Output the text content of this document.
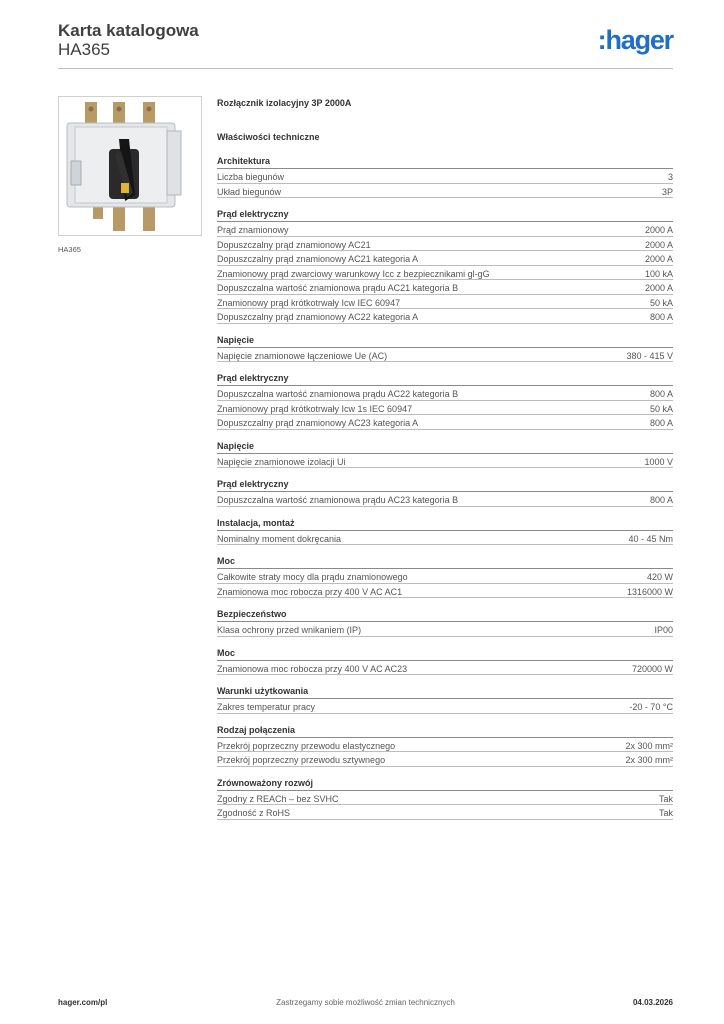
Karta katalogowa
HA365	:hager
HA365
Rozłącznik izolacyjny 3P 2000A
Właściwości techniczne
Architektura
Liczba biegunów	3
Układ biegunów	3P
Prąd elektryczny
Prąd znamionowy	2000 A
Dopuszczalny prąd znamionowy AC21	2000 A
Dopuszczalny prąd znamionowy AC21 kategoria A	2000 A
Znamionowy prąd zwarciowy warunkowy Icc z bezpiecznikami gl-gG	100 kA
Dopuszczalna wartość znamionowa prądu AC21 kategoria B	2000 A
Znamionowy prąd krótkotrwały Icw IEC 60947	50 kA
Dopuszczalny prąd znamionowy AC22 kategoria A	800 A
Napięcie
Napięcie znamionowe łączeniowe Ue (AC)	380 - 415 V
Prąd elektryczny
Dopuszczalna wartość znamionowa prądu AC22 kategoria B	800 A
Znamionowy prąd krótkotrwały Icw 1s IEC 60947	50 kA
Dopuszczalny prąd znamionowy AC23 kategoria A	800 A
Napięcie
Napięcie znamionowe izolacji Ui	1000 V
Prąd elektryczny
Dopuszczalna wartość znamionowa prądu AC23 kategoria B	800 A
Instalacja, montaż
Nominalny moment dokręcania	40 - 45 Nm
Moc
Całkowite straty mocy dla prądu znamionowego	420 W
Znamionowa moc robocza przy 400 V AC AC1	1316000 W
Bezpieczeństwo
Klasa ochrony przed wnikaniem (IP)	IP00
Moc
Znamionowa moc robocza przy 400 V AC AC23	720000 W
Warunki użytkowania
Zakres temperatur pracy	-20 - 70 °C
Rodzaj połączenia
Przekrój poprzeczny przewodu elastycznego	2x 300 mm²
Przekrój poprzeczny przewodu sztywnego	2x 300 mm²
Zrównoważony rozwój
Zgodny z REACh – bez SVHC	Tak
Zgodność z RoHS	Tak
hager.com/pl	Zastrzegamy sobie możliwość zmian technicznych	04.03.2026
